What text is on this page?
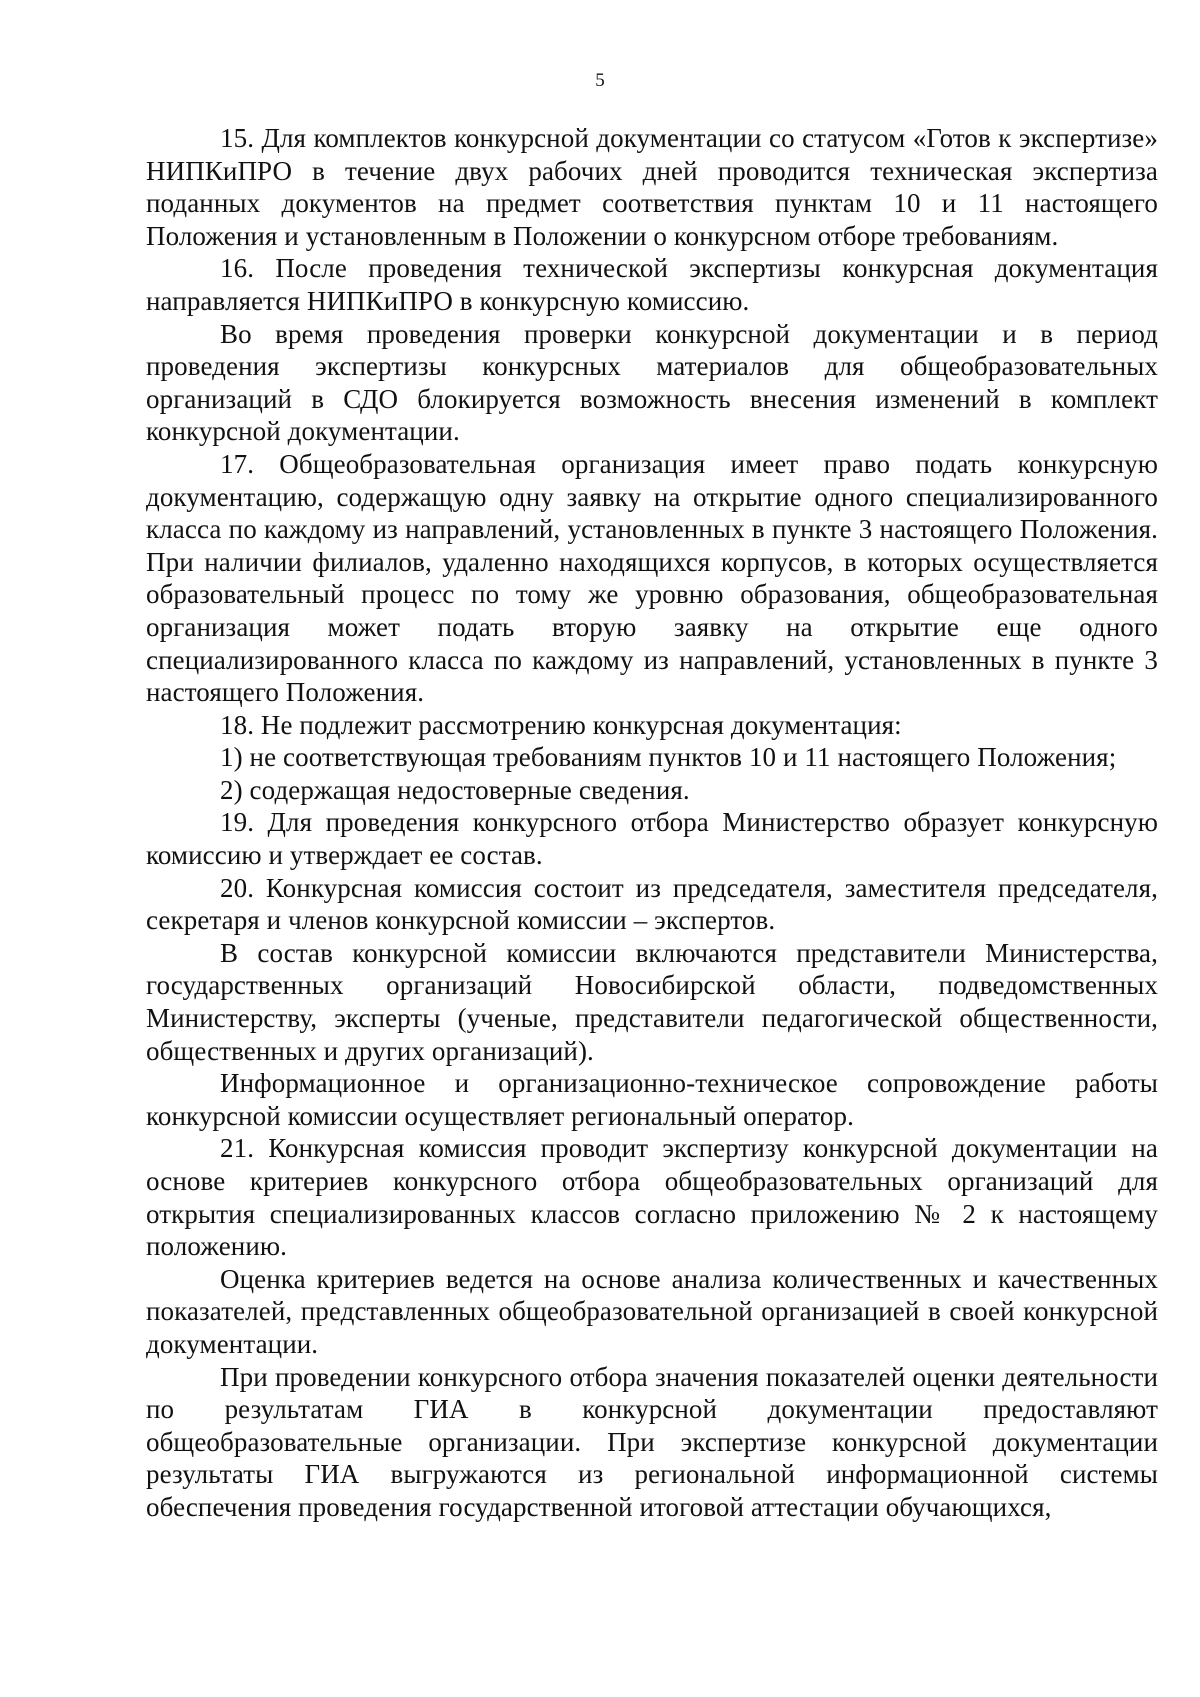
5

15. Для комплектов конкурсной документации со статусом «Готов к экспертизе» НИПКиПРО в течение двух рабочих дней проводится техническая экспертиза поданных документов на предмет соответствия пунктам 10 и 11 настоящего Положения и установленным в Положении о конкурсном отборе требованиям.

16. После проведения технической экспертизы конкурсная документация направляется НИПКиПРО в конкурсную комиссию.

Во время проведения проверки конкурсной документации и в период проведения экспертизы конкурсных материалов для общеобразовательных организаций в СДО блокируется возможность внесения изменений в комплект конкурсной документации.

17. Общеобразовательная организация имеет право подать конкурсную документацию, содержащую одну заявку на открытие одного специализированного класса по каждому из направлений, установленных в пункте 3 настоящего Положения. При наличии филиалов, удаленно находящихся корпусов, в которых осуществляется образовательный процесс по тому же уровню образования, общеобразовательная организация может подать вторую заявку на открытие еще одного специализированного класса по каждому из направлений, установленных в пункте 3 настоящего Положения.

18. Не подлежит рассмотрению конкурсная документация:

1) не соответствующая требованиям пунктов 10 и 11 настоящего Положения;

2) содержащая недостоверные сведения.

19. Для проведения конкурсного отбора Министерство образует конкурсную комиссию и утверждает ее состав.

20. Конкурсная комиссия состоит из председателя, заместителя председателя, секретаря и членов конкурсной комиссии – экспертов.

В состав конкурсной комиссии включаются представители Министерства, государственных организаций Новосибирской области, подведомственных Министерству, эксперты (ученые, представители педагогической общественности, общественных и других организаций).

Информационное и организационно-техническое сопровождение работы конкурсной комиссии осуществляет региональный оператор.

21. Конкурсная комиссия проводит экспертизу конкурсной документации на основе критериев конкурсного отбора общеобразовательных организаций для открытия специализированных классов согласно приложению № 2 к настоящему положению.

Оценка критериев ведется на основе анализа количественных и качественных показателей, представленных общеобразовательной организацией в своей конкурсной документации.

При проведении конкурсного отбора значения показателей оценки деятельности по результатам ГИА в конкурсной документации предоставляют общеобразовательные организации. При экспертизе конкурсной документации результаты ГИА выгружаются из региональной информационной системы обеспечения проведения государственной итоговой аттестации обучающихся,
